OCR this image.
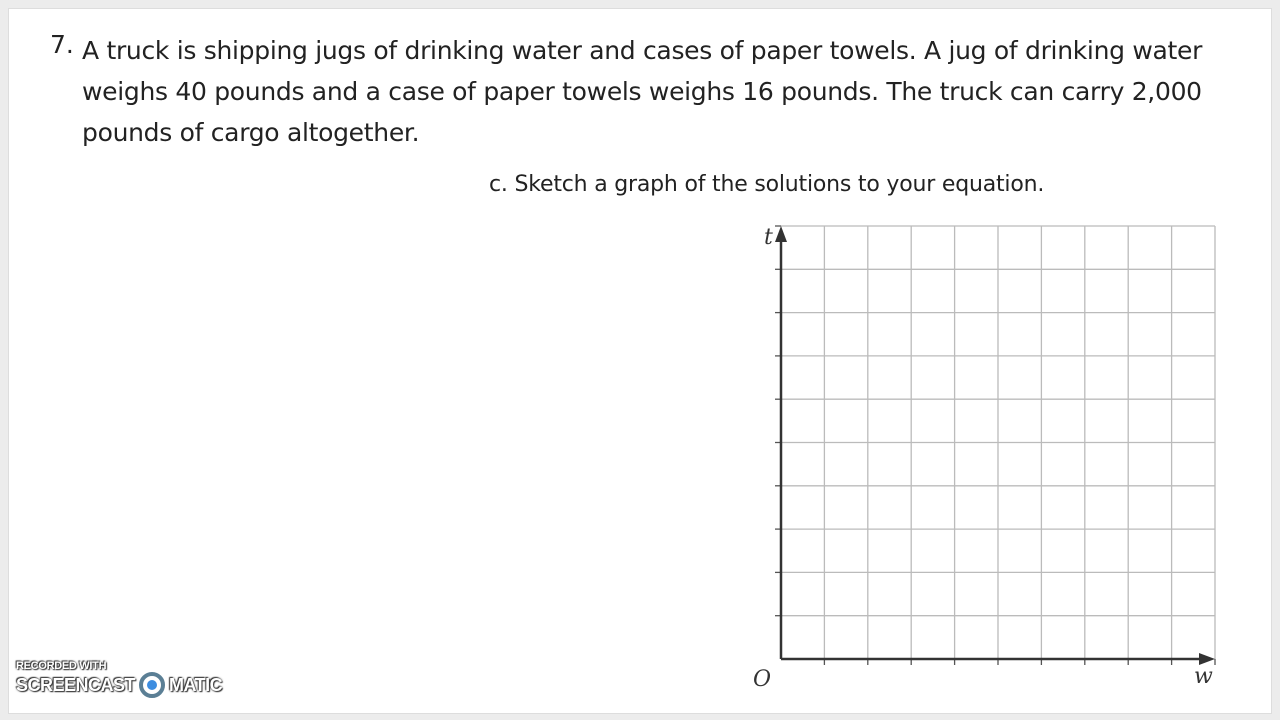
7. A truck is shipping jugs of drinking water and cases of paper towels. A jug of drinking water weighs 40 pounds and a case of paper towels weighs 16 pounds. The truck can carry 2,000 pounds of cargo altogether.
c. Sketch a graph of the solutions to your equation.
t
w
O
RECORDED WITH
SCREENCAST MATIC
